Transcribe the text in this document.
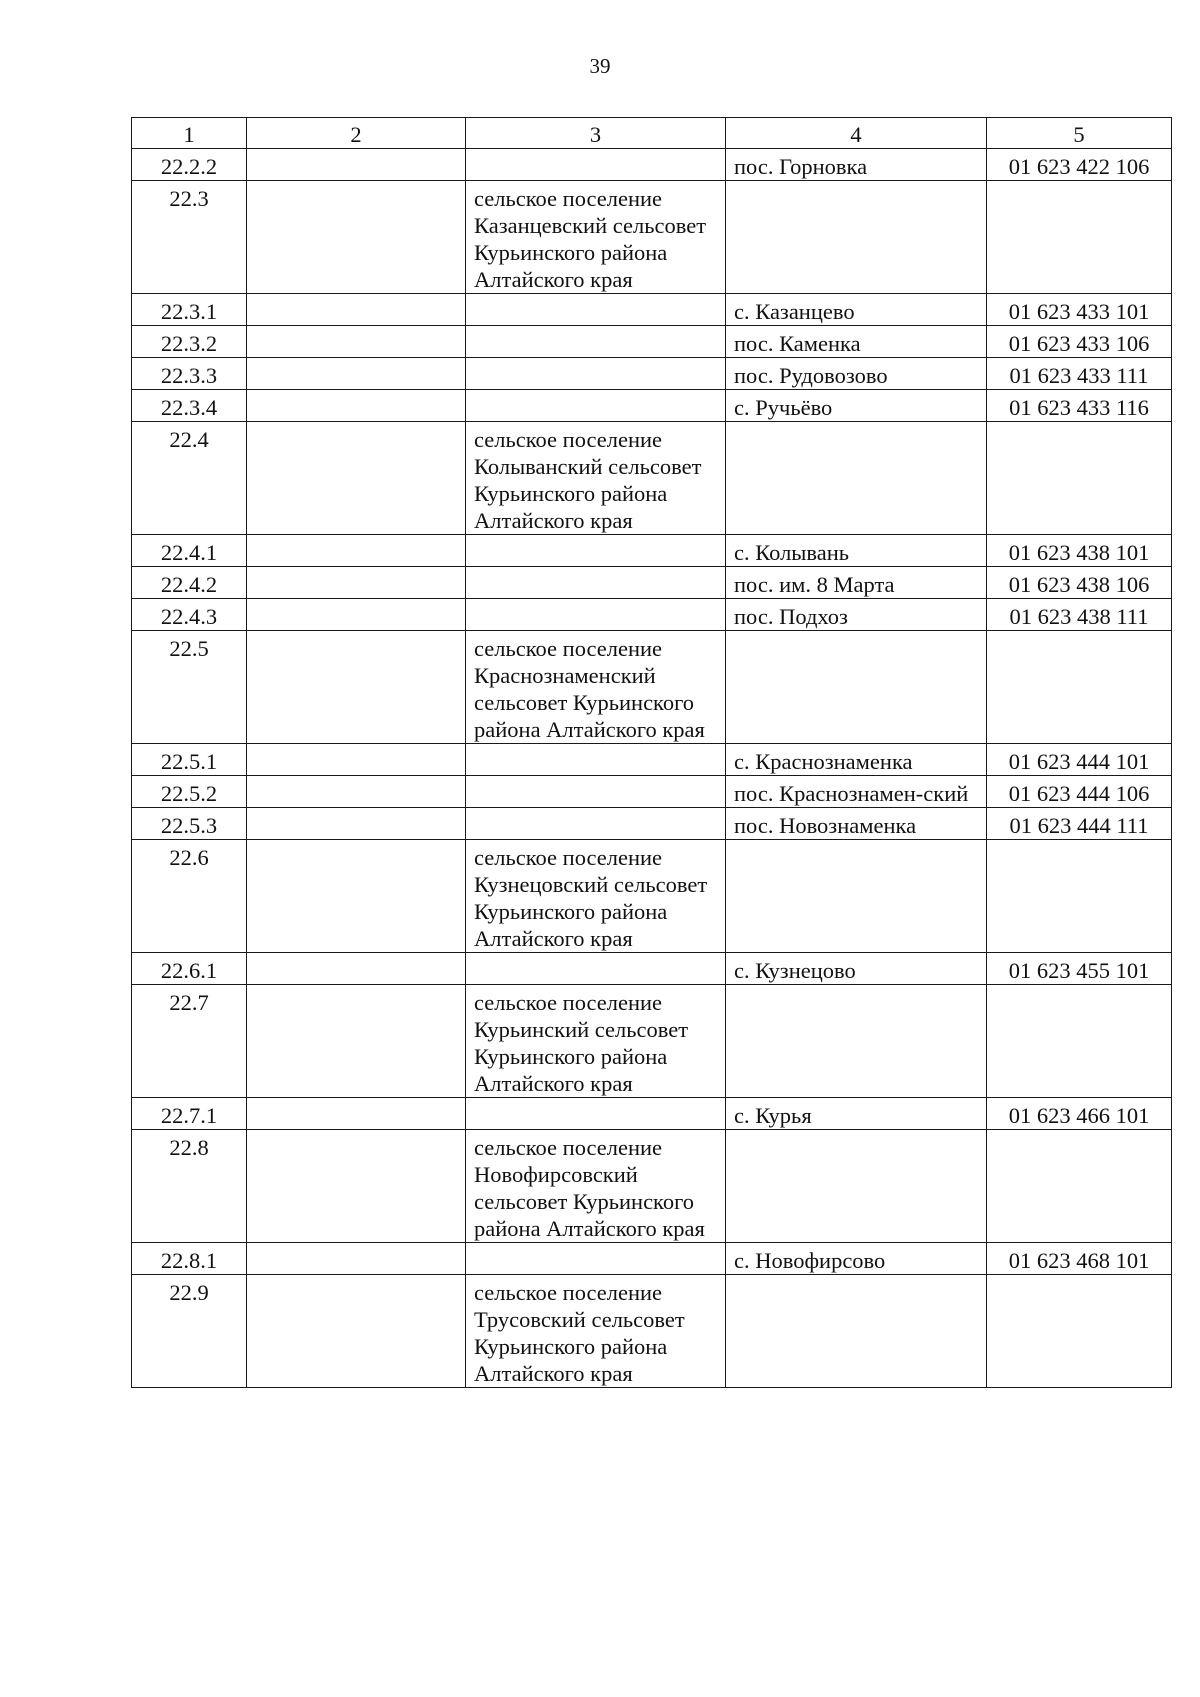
39
1	2	3	4	5
22.2.2			пос. Горновка	01 623 422 106
22.3		сельское поселение Казанцевский сельсовет Курьинского района Алтайского края		
22.3.1			с. Казанцево	01 623 433 101
22.3.2			пос. Каменка	01 623 433 106
22.3.3			пос. Рудовозово	01 623 433 111
22.3.4			с. Ручьёво	01 623 433 116
22.4		сельское поселение Колыванский сельсовет Курьинского района Алтайского края		
22.4.1			с. Колывань	01 623 438 101
22.4.2			пос. им. 8 Марта	01 623 438 106
22.4.3			пос. Подхоз	01 623 438 111
22.5		сельское поселение Краснознаменский сельсовет Курьинского района Алтайского края		
22.5.1			с. Краснознаменка	01 623 444 101
22.5.2			пос. Краснознамен-ский	01 623 444 106
22.5.3			пос. Новознаменка	01 623 444 111
22.6		сельское поселение Кузнецовский сельсовет Курьинского района Алтайского края		
22.6.1			с. Кузнецово	01 623 455 101
22.7		сельское поселение Курьинский сельсовет Курьинского района Алтайского края		
22.7.1			с. Курья	01 623 466 101
22.8		сельское поселение Новофирсовский сельсовет Курьинского района Алтайского края		
22.8.1			с. Новофирсово	01 623 468 101
22.9		сельское поселение Трусовский сельсовет Курьинского района Алтайского края		
